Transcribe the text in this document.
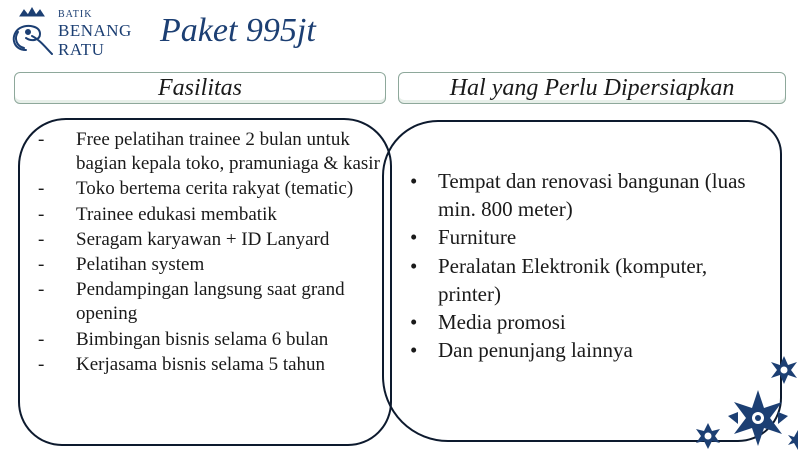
BATIK
BENANG
RATU
Paket 995jt
Fasilitas	Hal yang Perlu Dipersiapkan
- Free pelatihan trainee 2 bulan untuk bagian kepala toko, pramuniaga & kasir
- Toko bertema cerita rakyat (tematic)
- Trainee edukasi membatik
- Seragam karyawan + ID Lanyard
- Pelatihan system
- Pendampingan langsung saat grand opening
- Bimbingan bisnis selama 6 bulan
- Kerjasama bisnis selama 5 tahun
• Tempat dan renovasi bangunan (luas min. 800 meter)
• Furniture
• Peralatan Elektronik (komputer, printer)
• Media promosi
• Dan penunjang lainnya
